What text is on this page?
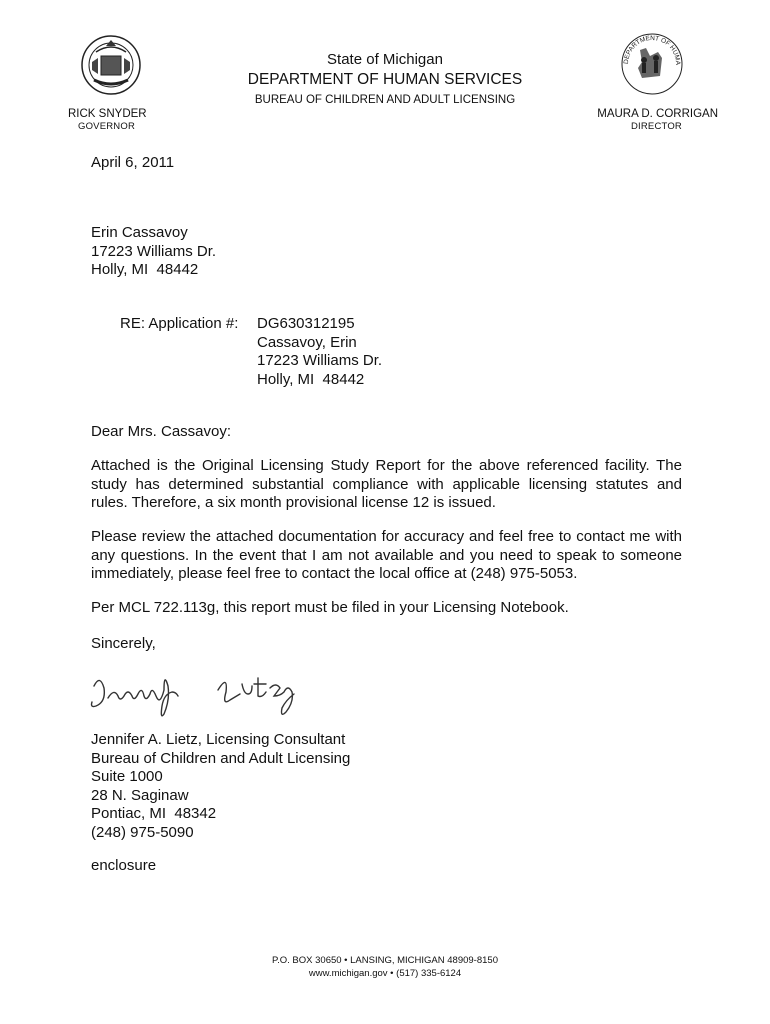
DEPARTMENT OF HUMA
State of Michigan
DEPARTMENT OF HUMAN SERVICES
BUREAU OF CHILDREN AND ADULT LICENSING
RICK SNYDER
GOVERNOR
MAURA D. CORRIGAN
DIRECTOR
April 6, 2011
Erin Cassavoy
17223 Williams Dr.
Holly, MI  48442
RE: Application #: DG630312195
Cassavoy, Erin
17223 Williams Dr.
Holly, MI  48442
Dear Mrs. Cassavoy:
Attached is the Original Licensing Study Report for the above referenced facility. The study has determined substantial compliance with applicable licensing statutes and rules. Therefore, a six month provisional license 12 is issued.
Please review the attached documentation for accuracy and feel free to contact me with any questions. In the event that I am not available and you need to speak to someone immediately, please feel free to contact the local office at (248) 975-5053.
Per MCL 722.113g, this report must be filed in your Licensing Notebook.
Sincerely,
Jennifer A. Lietz, Licensing Consultant
Bureau of Children and Adult Licensing
Suite 1000
28 N. Saginaw
Pontiac, MI  48342
(248) 975-5090
enclosure
P.O. BOX 30650 • LANSING, MICHIGAN 48909-8150
www.michigan.gov • (517) 335-6124
